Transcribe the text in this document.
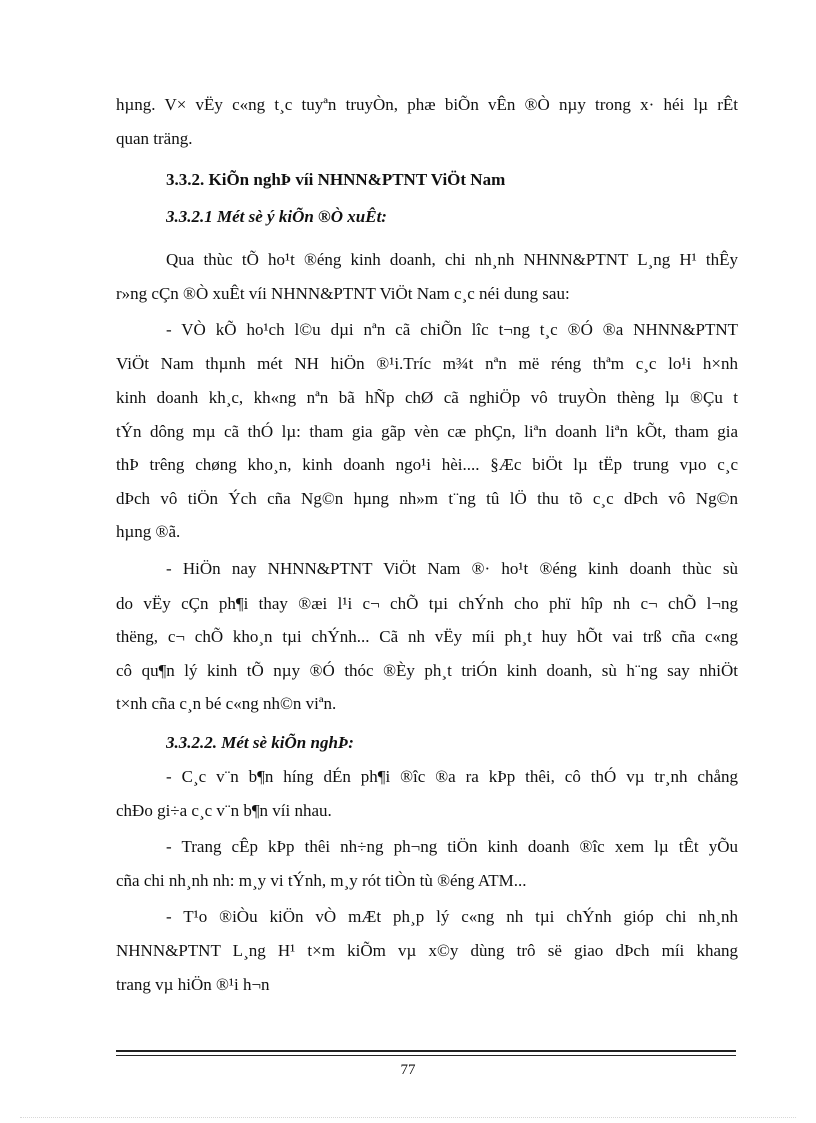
hµng. V× vËy c«ng t¸c tuyªn truyÒn, phæ biÕn vÊn ®Ò nµy trong x· héi lµ rÊt
quan träng.
3.3.2. KiÕn nghÞ víi NHNN&PTNT ViÖt Nam
3.3.2.1 Mét sè ý kiÕn ®Ò xuÊt:
Qua thùc tÕ ho¹t ®éng kinh doanh, chi nh¸nh NHNN&PTNT L¸ng H¹ thÊy
r»ng cÇn ®Ò xuÊt víi NHNN&PTNT ViÖt Nam c¸c néi dung sau:
- VÒ kÕ ho¹ch l©u dµi nªn cã chiÕn lîc t¬ng t¸c ®Ó ®a NHNN&PTNT
ViÖt Nam thµnh mét NH hiÖn ®¹i.Tríc m¾t nªn më réng thªm c¸c lo¹i h×nh
kinh doanh kh¸c, kh«ng nªn bã hÑp chØ cã nghiÖp vô truyÒn thèng lµ ®Çu t
tÝn dông mµ cã thÓ lµ: tham gia gãp vèn cæ phÇn, liªn doanh liªn kÕt, tham gia
thÞ trêng chøng kho¸n, kinh doanh ngo¹i hèi.... §Æc biÖt lµ tËp trung vµo c¸c
dÞch vô tiÖn Ých cña Ng©n hµng nh»m t¨ng tû lÖ thu tõ c¸c dÞch vô Ng©n
hµng ®ã.
- HiÖn nay NHNN&PTNT ViÖt Nam ®· ho¹t ®éng kinh doanh thùc sù
do vËy cÇn ph¶i thay ®æi l¹i c¬ chÕ tµi chÝnh cho phï hîp nh c¬ chÕ l¬ng
thëng, c¬ chÕ kho¸n tµi chÝnh... Cã nh vËy míi ph¸t huy hÕt vai trß cña c«ng
cô qu¶n lý kinh tÕ nµy ®Ó thóc ®Èy ph¸t triÓn kinh doanh, sù h¨ng say nhiÖt
t×nh cña c¸n bé c«ng nh©n viªn.
3.3.2.2. Mét sè kiÕn nghÞ:
- C¸c v¨n b¶n híng dÉn ph¶i ®îc ®a ra kÞp thêi, cô thÓ vµ tr¸nh chång
chÐo gi÷a c¸c v¨n b¶n víi nhau.
- Trang cÊp kÞp thêi nh÷ng ph¬ng tiÖn kinh doanh ®îc xem lµ tÊt yÕu
cña chi nh¸nh nh: m¸y vi tÝnh, m¸y rót tiÒn tù ®éng ATM...
- T¹o ®iÒu kiÖn vÒ mÆt ph¸p lý c«ng nh tµi chÝnh gióp chi nh¸nh
NHNN&PTNT L¸ng H¹ t×m kiÕm vµ x©y dùng trô së giao dÞch míi khang
trang vµ hiÖn ®¹i h¬n
77
